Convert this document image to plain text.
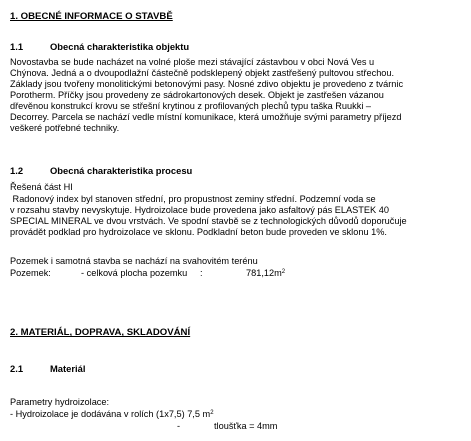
1. OBECNÉ INFORMACE O STAVBĚ
1.1	Obecná charakteristika objektu
Novostavba se bude nacházet na volné ploše mezi stávající zástavbou v obci Nová Ves u
Chýnova. Jedná a o dvoupodlažní částečně podsklepený objekt zastřešený pultovou střechou.
Základy jsou tvořeny monolitickými betonovými pasy. Nosné zdivo objektu je provedeno z tvárnic
Porotherm. Příčky jsou provedeny ze sádrokartonových desek. Objekt je zastřešen vázanou
dřevěnou konstrukcí krovu se střešní krytinou z profilovaných plechů typu taška Ruukki –
Decorrey. Parcela se nachází vedle místní komunikace, která umožňuje svými parametry příjezd
veškeré potřebné techniky.
1.2	Obecná charakteristika procesu
Řešená část HI
Radonový index byl stanoven střední, pro propustnost zeminy střední. Podzemní voda se
v rozsahu stavby nevyskytuje. Hydroizolace bude provedena jako asfaltový pás ELASTEK 40
SPECIAL MINERAL ve dvou vrstvách. Ve spodní stavbě se z technologických důvodů doporučuje
provádět podklad pro hydroizolace ve sklonu. Podkladní beton bude proveden ve sklonu 1%.
Pozemek i samotná stavba se nachází na svahovitém terénu
Pozemek:	- celková plocha pozemku     :	$781,12m^2$
2. MATERIÁL, DOPRAVA, SKLADOVÁNÍ
2.1	Materiál
Parametry hydroizolace:
- Hydroizolace je dodávána v rolích (1x7,5) 7,5 $m^2$
-	tloušťka = 4mm
